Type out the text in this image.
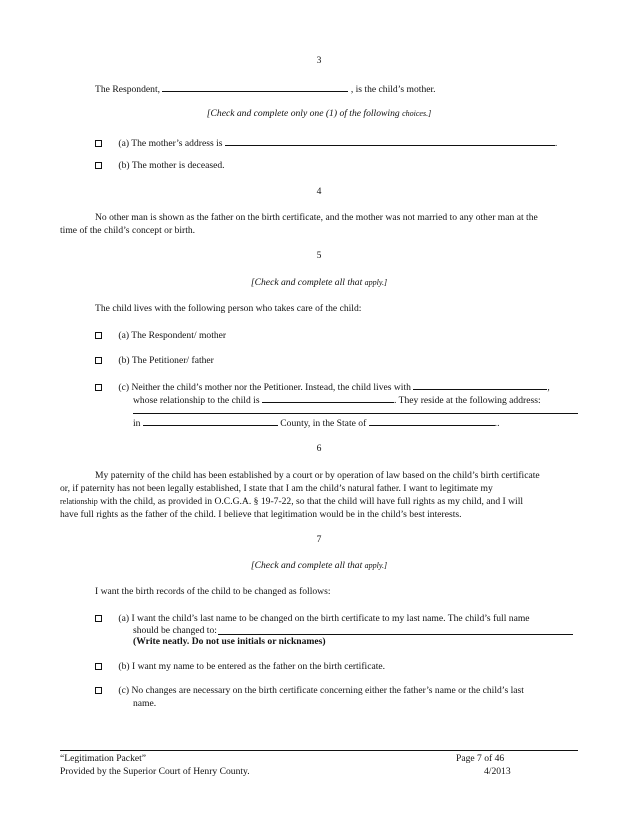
3
The Respondent,	, is the child’s mother.
[Check and complete only one (1) of the following choices.]
(a) The mother’s address is	.
(b) The mother is deceased.
4
No other man is shown as the father on the birth certificate, and the mother was not married to any other man at the
time of the child’s concept or birth.
5
[Check and complete all that apply.]
The child lives with the following person who takes care of the child:
(a) The Respondent/ mother
(b) The Petitioner/ father
(c) Neither the child’s mother nor the Petitioner. Instead, the child lives with	,
whose relationship to the child is	. They reside at the following address:
in	County, in the State of	..
6
My paternity of the child has been established by a court or by operation of law based on the child’s birth certificate
or, if paternity has not been legally established, I state that I am the child’s natural father. I want to legitimate my
relationship with the child, as provided in O.C.G.A. § 19-7-22, so that the child will have full rights as my child, and I will
have full rights as the father of the child. I believe that legitimation would be in the child’s best interests.
7
[Check and complete all that apply.]
I want the birth records of the child to be changed as follows:
(a) I want the child’s last name to be changed on the birth certificate to my last name. The child’s full name
should be changed to:
(Write neatly. Do not use initials or nicknames)
(b) I want my name to be entered as the father on the birth certificate.
(c) No changes are necessary on the birth certificate concerning either the father’s name or the child’s last
name.
“Legitimation Packet”
Provided by the Superior Court of Henry County.
Page 7 of 46
4/2013
